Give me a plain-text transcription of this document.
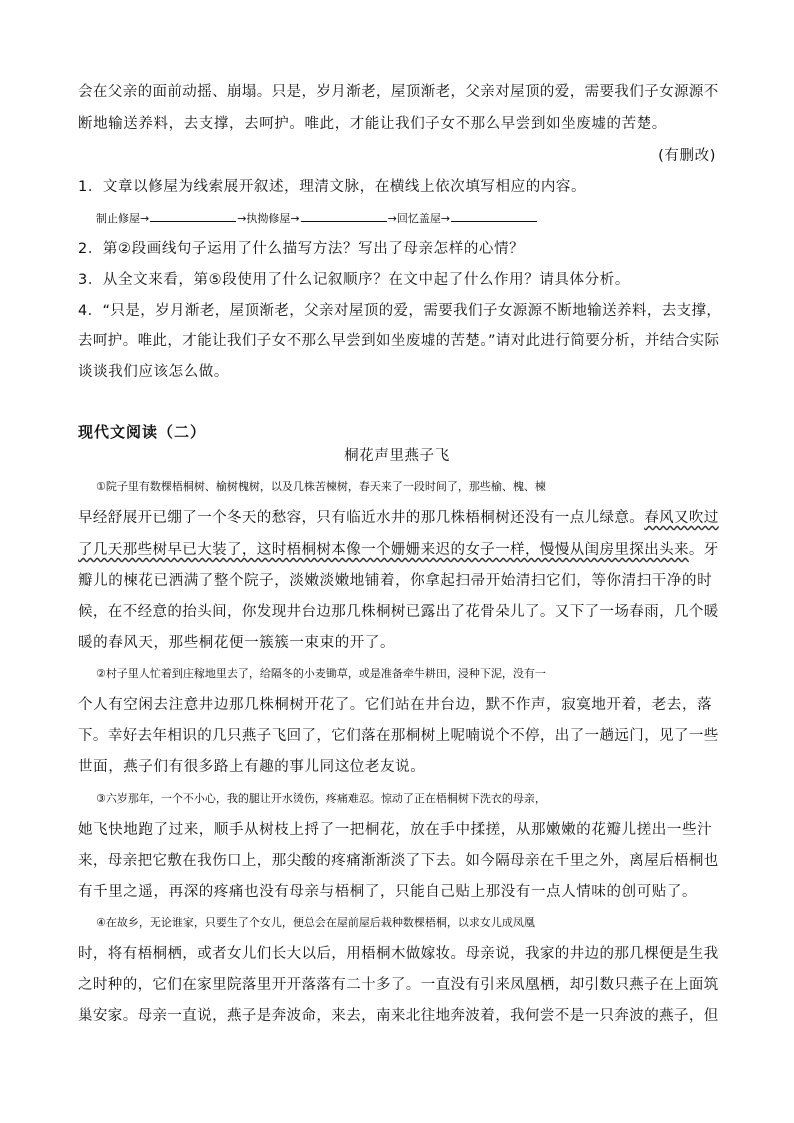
会在父亲的面前动摇、崩塌。只是，岁月渐老，屋顶渐老，父亲对屋顶的爱，需要我们子女源源不
断地输送养料，去支撑，去呵护。唯此，才能让我们子女不那么早尝到如坐废墟的苦楚。
(有删改)
1．文章以修屋为线索展开叙述，理清文脉，在横线上依次填写相应的内容。
制止修屋→	→执拗修屋→	→回忆盖屋→
2．第②段画线句子运用了什么描写方法？写出了母亲怎样的心情？
3．从全文来看，第⑤段使用了什么记叙顺序？在文中起了什么作用？请具体分析。
4．“只是，岁月渐老，屋顶渐老，父亲对屋顶的爱，需要我们子女源源不断地输送养料，去支撑，
去呵护。唯此，才能让我们子女不那么早尝到如坐废墟的苦楚。”请对此进行简要分析，并结合实际
谈谈我们应该怎么做。
现代文阅读（二）
桐花声里燕子飞
①院子里有数棵梧桐树、榆树槐树，以及几株苦楝树，春天来了一段时间了，那些榆、槐、楝
早经舒展开已绷了一个冬天的愁容，只有临近水井的那几株梧桐树还没有一点儿绿意。春风又吹过
了几天那些树早已大装了，这时梧桐树本像一个姗姗来迟的女子一样，慢慢从闺房里探出头来。牙
瓣儿的楝花已洒满了整个院子，淡嫩淡嫩地铺着，你拿起扫帚开始清扫它们，等你清扫干净的时
候，在不经意的抬头间，你发现井台边那几株桐树已露出了花骨朵儿了。又下了一场春雨，几个暖
暖的春风天，那些桐花便一簇簇一束束的开了。
②村子里人忙着到庄稼地里去了，给隔冬的小麦锄草，或是准备牵牛耕田，浸种下泥，没有一
个人有空闲去注意井边那几株桐树开花了。它们站在井台边，默不作声，寂寞地开着，老去，落
下。幸好去年相识的几只燕子飞回了，它们落在那桐树上呢喃说个不停，出了一趟远门，见了一些
世面，燕子们有很多路上有趣的事儿同这位老友说。
③六岁那年，一个不小心，我的腿让开水烫伤，疼痛难忍。惊动了正在梧桐树下洗衣的母亲，
她飞快地跑了过来，顺手从树枝上捋了一把桐花，放在手中揉搓，从那嫩嫩的花瓣儿搓出一些汁
来，母亲把它敷在我伤口上，那尖酸的疼痛渐渐淡了下去。如今隔母亲在千里之外，离屋后梧桐也
有千里之遥，再深的疼痛也没有母亲与梧桐了，只能自己贴上那没有一点人情味的创可贴了。
④在故乡，无论谁家，只要生了个女儿，便总会在屋前屋后栽种数棵梧桐，以求女儿成凤凰
时，将有梧桐栖，或者女儿们长大以后，用梧桐木做嫁妆。母亲说，我家的井边的那几棵便是生我
之时种的，它们在家里院落里开开落落有二十多了。一直没有引来凤凰栖，却引数只燕子在上面筑
巢安家。母亲一直说，燕子是奔波命，来去，南来北往地奔波着，我何尝不是一只奔波的燕子，但
